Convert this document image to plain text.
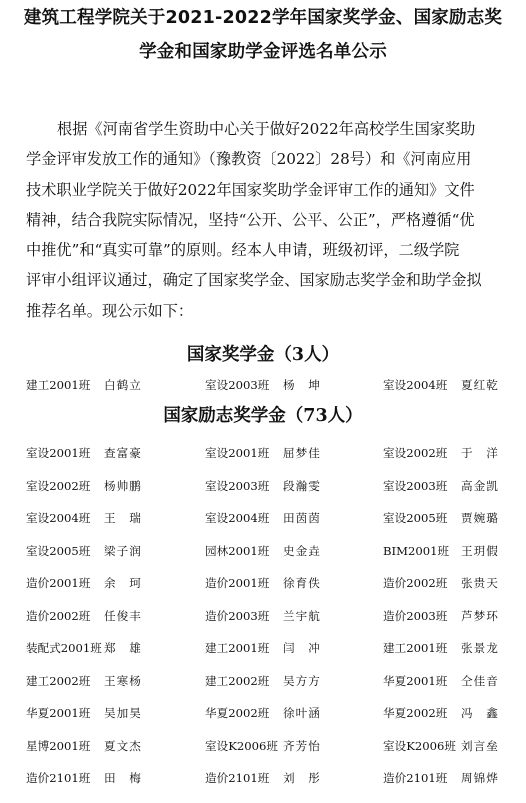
建筑工程学院关于2021-2022学年国家奖学金、国家励志奖
学金和国家助学金评选名单公示
根据《河南省学生资助中心关于做好2022年高校学生国家奖助
学金评审发放工作的通知》（豫教资〔2022〕28号）和《河南应用
技术职业学院关于做好2022年国家奖助学金评审工作的通知》文件
精神，结合我院实际情况，坚持“公开、公平、公正”，严格遵循“优
中推优”和“真实可靠”的原则。经本人申请，班级初评，二级学院
评审小组评议通过，确定了国家奖学金、国家励志奖学金和助学金拟
推荐名单。现公示如下：
国家奖学金（3人）
建工2001班 白鹤立	室设2003班 杨　坤	室设2004班 夏红乾
国家励志奖学金（73人）
室设2001班 查富豪	室设2001班 屈梦佳	室设2002班 于　洋
室设2002班 杨帅鹏	室设2003班 段瀚雯	室设2003班 高金凯
室设2004班 王　瑞	室设2004班 田茵茵	室设2005班 贾婉璐
室设2005班 梁子润	园林2001班 史金垚	BIM2001班 王玥假
造价2001班 余　珂	造价2001班 徐育佚	造价2002班 张贵天
造价2002班 任俊丰	造价2003班 兰宇航	造价2003班 芦梦环
装配式2001班 郑　雄	建工2001班 闫　冲	建工2001班 张景龙
建工2002班 王寒杨	建工2002班 吴方方	华夏2001班 仝佳音
华夏2001班 吴加昊	华夏2002班 徐叶涵	华夏2002班 冯　鑫
星博2001班 夏文杰	室设K2006班 齐芳怡	室设K2006班 刘言垒
造价2101班 田　梅	造价2101班 刘　彤	造价2101班 周锦烨
